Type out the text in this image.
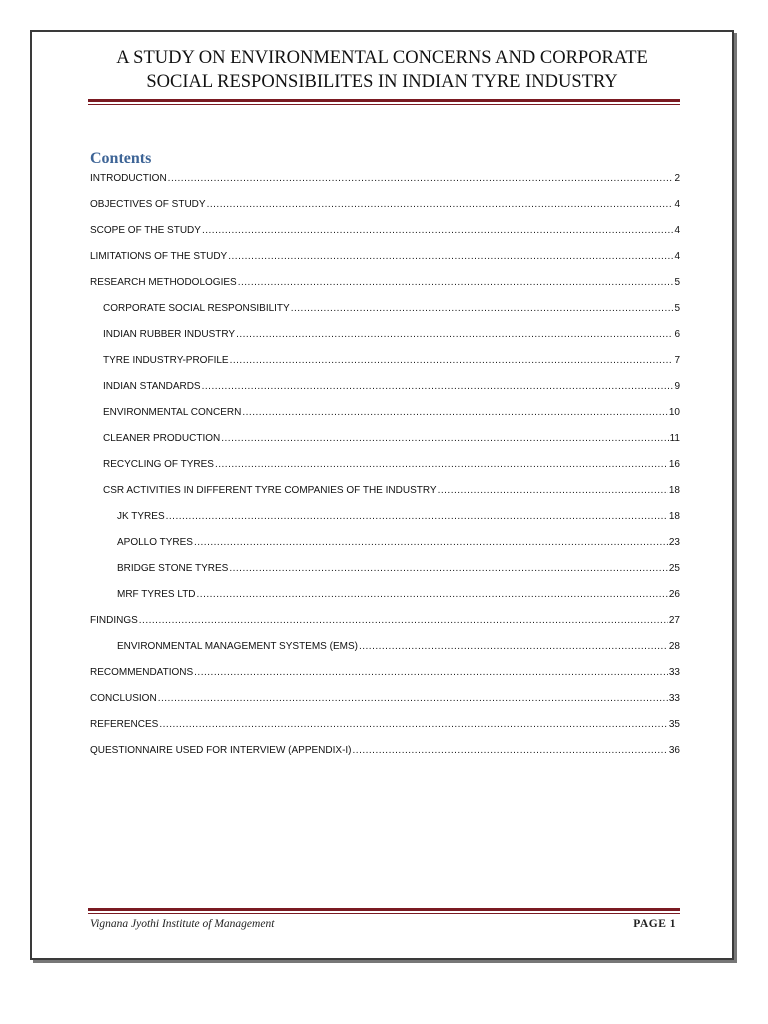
A STUDY ON ENVIRONMENTAL CONCERNS AND CORPORATE
SOCIAL RESPONSIBILITES IN INDIAN TYRE INDUSTRY
Contents
INTRODUCTION .....	2
OBJECTIVES OF STUDY .....	4
SCOPE OF THE STUDY .....	4
LIMITATIONS OF THE STUDY .....	4
RESEARCH METHODOLOGIES .....	5
CORPORATE SOCIAL RESPONSIBILITY .....	5
INDIAN RUBBER INDUSTRY .....	6
TYRE INDUSTRY-PROFILE .....	7
INDIAN STANDARDS .....	9
ENVIRONMENTAL CONCERN .....	10
CLEANER PRODUCTION .....	11
RECYCLING OF TYRES .....	16
CSR ACTIVITIES IN DIFFERENT TYRE COMPANIES OF THE INDUSTRY .....	18
JK TYRES .....	18
APOLLO TYRES .....	23
BRIDGE STONE TYRES .....	25
MRF TYRES LTD .....	26
FINDINGS .....	27
ENVIRONMENTAL MANAGEMENT SYSTEMS (EMS) .....	28
RECOMMENDATIONS .....	33
CONCLUSION .....	33
REFERENCES .....	35
QUESTIONNAIRE USED FOR INTERVIEW (APPENDIX-I) .....	36
Vignana Jyothi Institute of Management	PAGE 1
